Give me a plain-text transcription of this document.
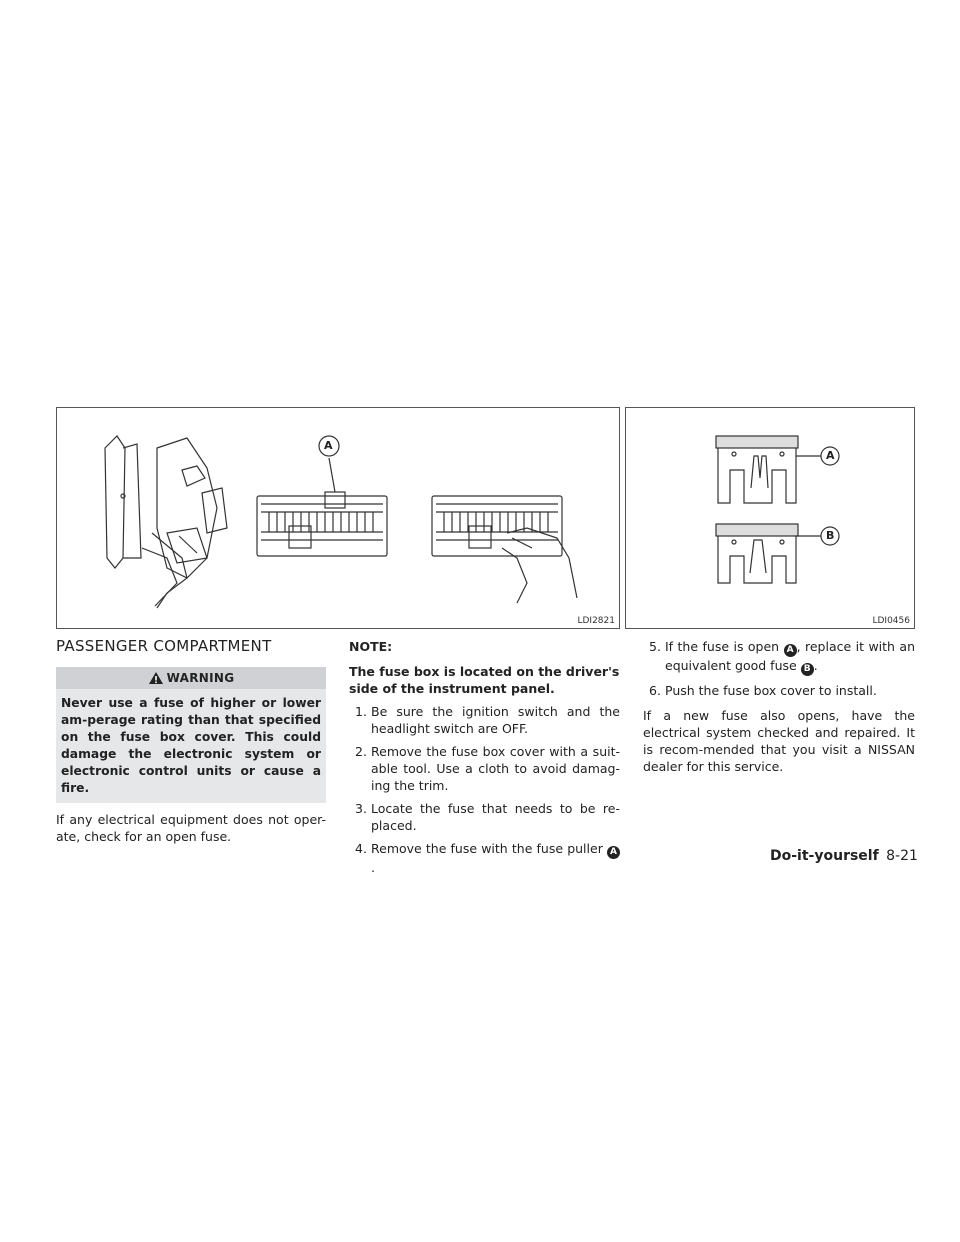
A
LDI2821
A
B
LDI0456
PASSENGER COMPARTMENT
WARNING
Never use a fuse of higher or lower am-perage rating than that specified on the fuse box cover. This could damage the electronic system or electronic control units or cause a fire.

If any electrical equipment does not oper-ate, check for an open fuse.

NOTE:

The fuse box is located on the driver's side of the instrument panel.

1. Be sure the ignition switch and the headlight switch are OFF.
2. Remove the fuse box cover with a suit-able tool. Use a cloth to avoid damag-ing the trim.
3. Locate the fuse that needs to be re-placed.
4. Remove the fuse with the fuse puller A.
5. If the fuse is open A , replace it with an equivalent good fuse B .
6. Push the fuse box cover to install.

If a new fuse also opens, have the electrical system checked and repaired. It is recom-mended that you visit a NISSAN dealer for this service.

Do-it-yourself 8-21
